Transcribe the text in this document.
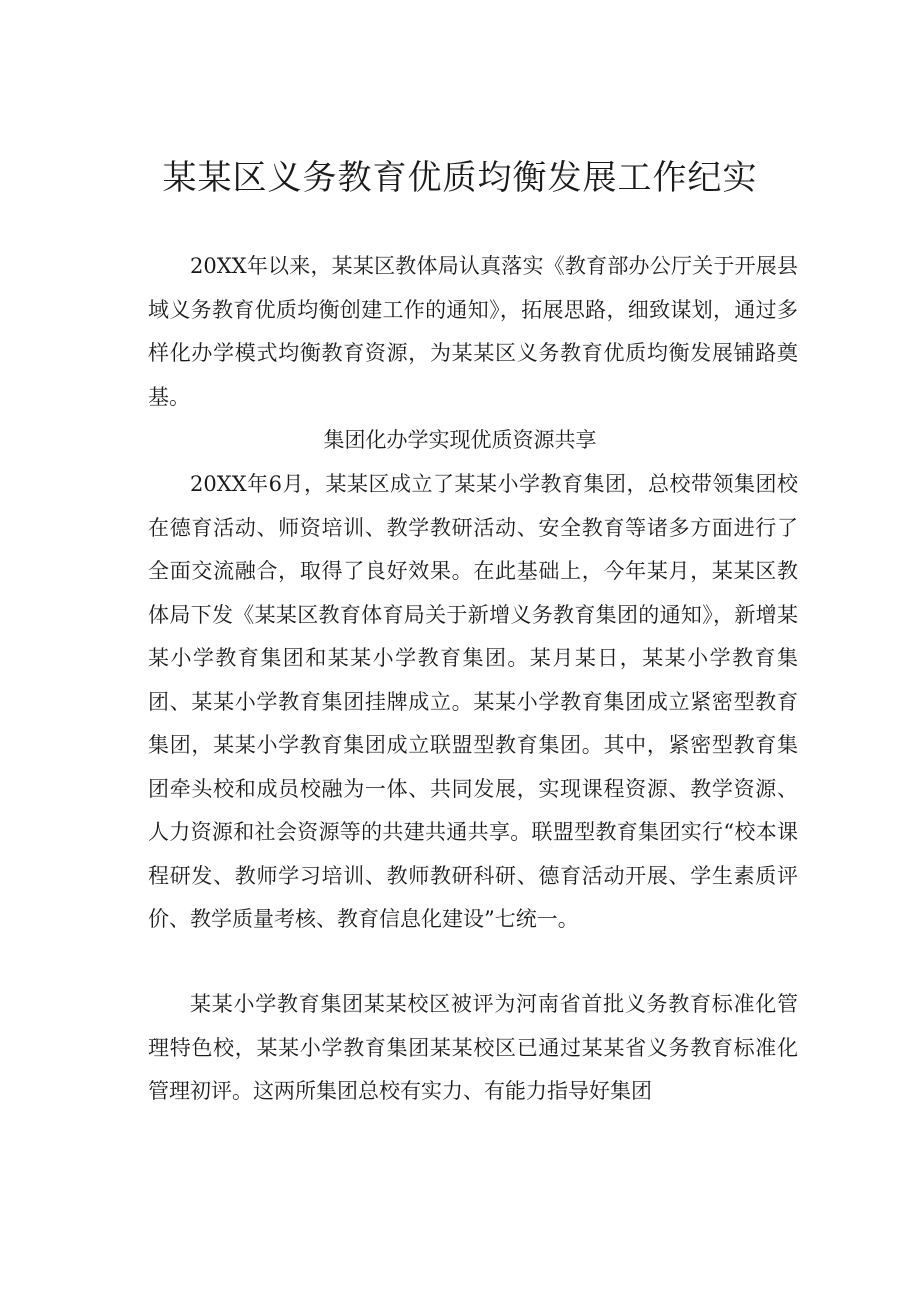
某某区义务教育优质均衡发展工作纪实

20XX年以来，某某区教体局认真落实《教育部办公厅关于开展县域义务教育优质均衡创建工作的通知》，拓展思路，细致谋划，通过多样化办学模式均衡教育资源，为某某区义务教育优质均衡发展铺路奠基。

集团化办学实现优质资源共享

20XX年6月，某某区成立了某某小学教育集团，总校带领集团校在德育活动、师资培训、教学教研活动、安全教育等诸多方面进行了全面交流融合，取得了良好效果。在此基础上，今年某月，某某区教体局下发《某某区教育体育局关于新增义务教育集团的通知》，新增某某小学教育集团和某某小学教育集团。某月某日，某某小学教育集团、某某小学教育集团挂牌成立。某某小学教育集团成立紧密型教育集团，某某小学教育集团成立联盟型教育集团。其中，紧密型教育集团牵头校和成员校融为一体、共同发展，实现课程资源、教学资源、人力资源和社会资源等的共建共通共享。联盟型教育集团实行“校本课程研发、教师学习培训、教师教研科研、德育活动开展、学生素质评价、教学质量考核、教育信息化建设”七统一。

某某小学教育集团某某校区被评为河南省首批义务教育标准化管理特色校，某某小学教育集团某某校区已通过某某省义务教育标准化管理初评。这两所集团总校有实力、有能力指导好集团
